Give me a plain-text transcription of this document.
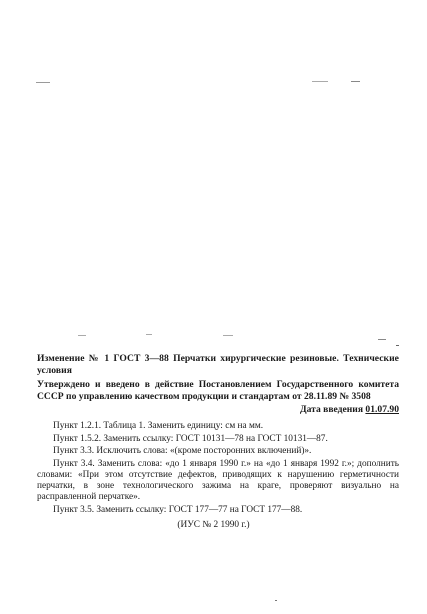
Изменение № 1 ГОСТ 3—88 Перчатки хирургические резиновые. Технические условия
Утверждено и введено в действие Постановлением Государственного комитета СССР по управлению качеством продукции и стандартам от 28.11.89 № 3508
Дата введения 01.07.90
Пункт 1.2.1. Таблица 1. Заменить единицу: см на мм.
Пункт 1.5.2. Заменить ссылку: ГОСТ 10131—78 на ГОСТ 10131—87.
Пункт 3.3. Исключить слова: «(кроме посторонних включений)».
Пункт 3.4. Заменить слова: «до 1 января 1990 г.» на «до 1 января 1992 г.»; дополнить словами: «При этом отсутствие дефектов, приводящих к нарушению герметичности перчатки, в зоне технологического зажима на краге, проверяют визуально на расправленной перчатке».
Пункт 3.5. Заменить ссылку: ГОСТ 177—77 на ГОСТ 177—88.
(ИУС № 2 1990 г.)
